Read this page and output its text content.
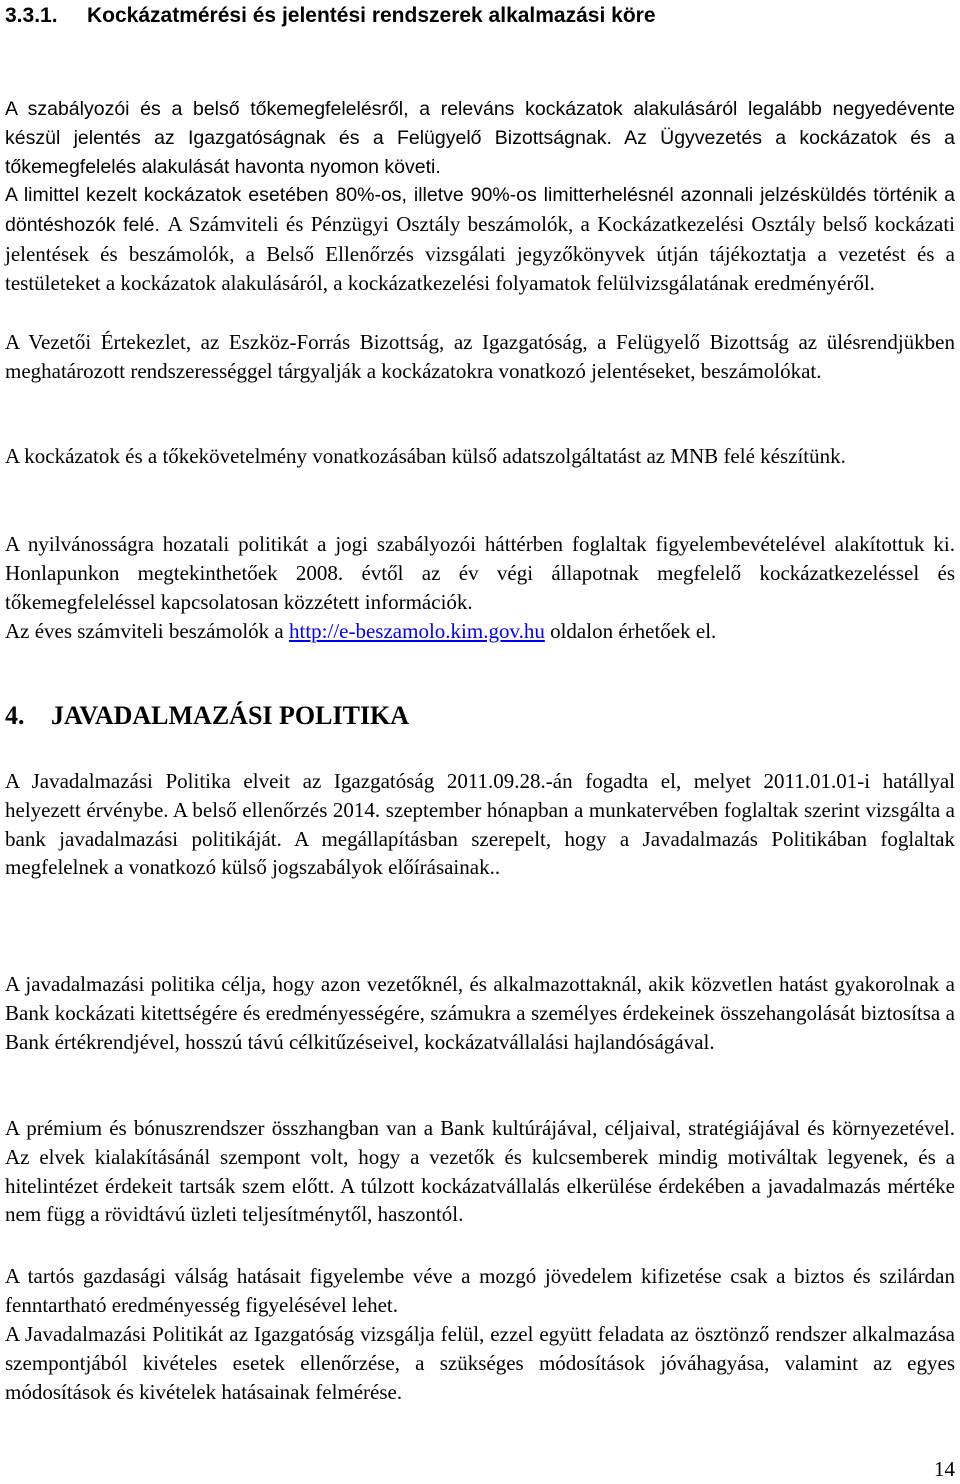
3.3.1. Kockázatmérési és jelentési rendszerek alkalmazási köre

A szabályozói és a belső tőkemegfelelésről, a releváns kockázatok alakulásáról legalább negyedévente készül jelentés az Igazgatóságnak és a Felügyelő Bizottságnak. Az Ügyvezetés a kockázatok és a tőkemegfelelés alakulását havonta nyomon követi.

A limittel kezelt kockázatok esetében 80%-os, illetve 90%-os limitterhelésnél azonnali jelzésküldés történik a döntéshozók felé. A Számviteli és Pénzügyi Osztály beszámolók, a Kockázatkezelési Osztály belső kockázati jelentések és beszámolók, a Belső Ellenőrzés vizsgálati jegyzőkönyvek útján tájékoztatja a vezetést és a testületeket a kockázatok alakulásáról, a kockázatkezelési folyamatok felülvizsgálatának eredményéről.

A Vezetői Értekezlet, az Eszköz-Forrás Bizottság, az Igazgatóság, a Felügyelő Bizottság az ülésrendjükben meghatározott rendszerességgel tárgyalják a kockázatokra vonatkozó jelentéseket, beszámolókat.

A kockázatok és a tőkekövetelmény vonatkozásában külső adatszolgáltatást az MNB felé készítünk.

A nyilvánosságra hozatali politikát a jogi szabályozói háttérben foglaltak figyelembevételével alakítottuk ki. Honlapunkon megtekinthetőek 2008. évtől az év végi állapotnak megfelelő kockázatkezeléssel és tőkemegfeleléssel kapcsolatosan közzétett információk.

Az éves számviteli beszámolók a http://e-beszamolo.kim.gov.hu oldalon érhetőek el.

4. JAVADALMAZÁSI POLITIKA

A Javadalmazási Politika elveit az Igazgatóság 2011.09.28.-án fogadta el, melyet 2011.01.01-i hatállyal helyezett érvénybe. A belső ellenőrzés 2014. szeptember hónapban a munkatervében foglaltak szerint vizsgálta a bank javadalmazási politikáját. A megállapításban szerepelt, hogy a Javadalmazás Politikában foglaltak megfelelnek a vonatkozó külső jogszabályok előírásainak..

A javadalmazási politika célja, hogy azon vezetőknél, és alkalmazottaknál, akik közvetlen hatást gyakorolnak a Bank kockázati kitettségére és eredményességére, számukra a személyes érdekeinek összehangolását biztosítsa a Bank értékrendjével, hosszú távú célkitűzéseivel, kockázatvállalási hajlandóságával.

A prémium és bónuszrendszer összhangban van a Bank kultúrájával, céljaival, stratégiájával és környezetével. Az elvek kialakításánál szempont volt, hogy a vezetők és kulcsemberek mindig motiváltak legyenek, és a hitelintézet érdekeit tartsák szem előtt. A túlzott kockázatvállalás elkerülése érdekében a javadalmazás mértéke nem függ a rövidtávú üzleti teljesítménytől, haszontól.

A tartós gazdasági válság hatásait figyelembe véve a mozgó jövedelem kifizetése csak a biztos és szilárdan fenntartható eredményesség figyelésével lehet.

A Javadalmazási Politikát az Igazgatóság vizsgálja felül, ezzel együtt feladata az ösztönző rendszer alkalmazása szempontjából kivételes esetek ellenőrzése, a szükséges módosítások jóváhagyása, valamint az egyes módosítások és kivételek hatásainak felmérése.

14
